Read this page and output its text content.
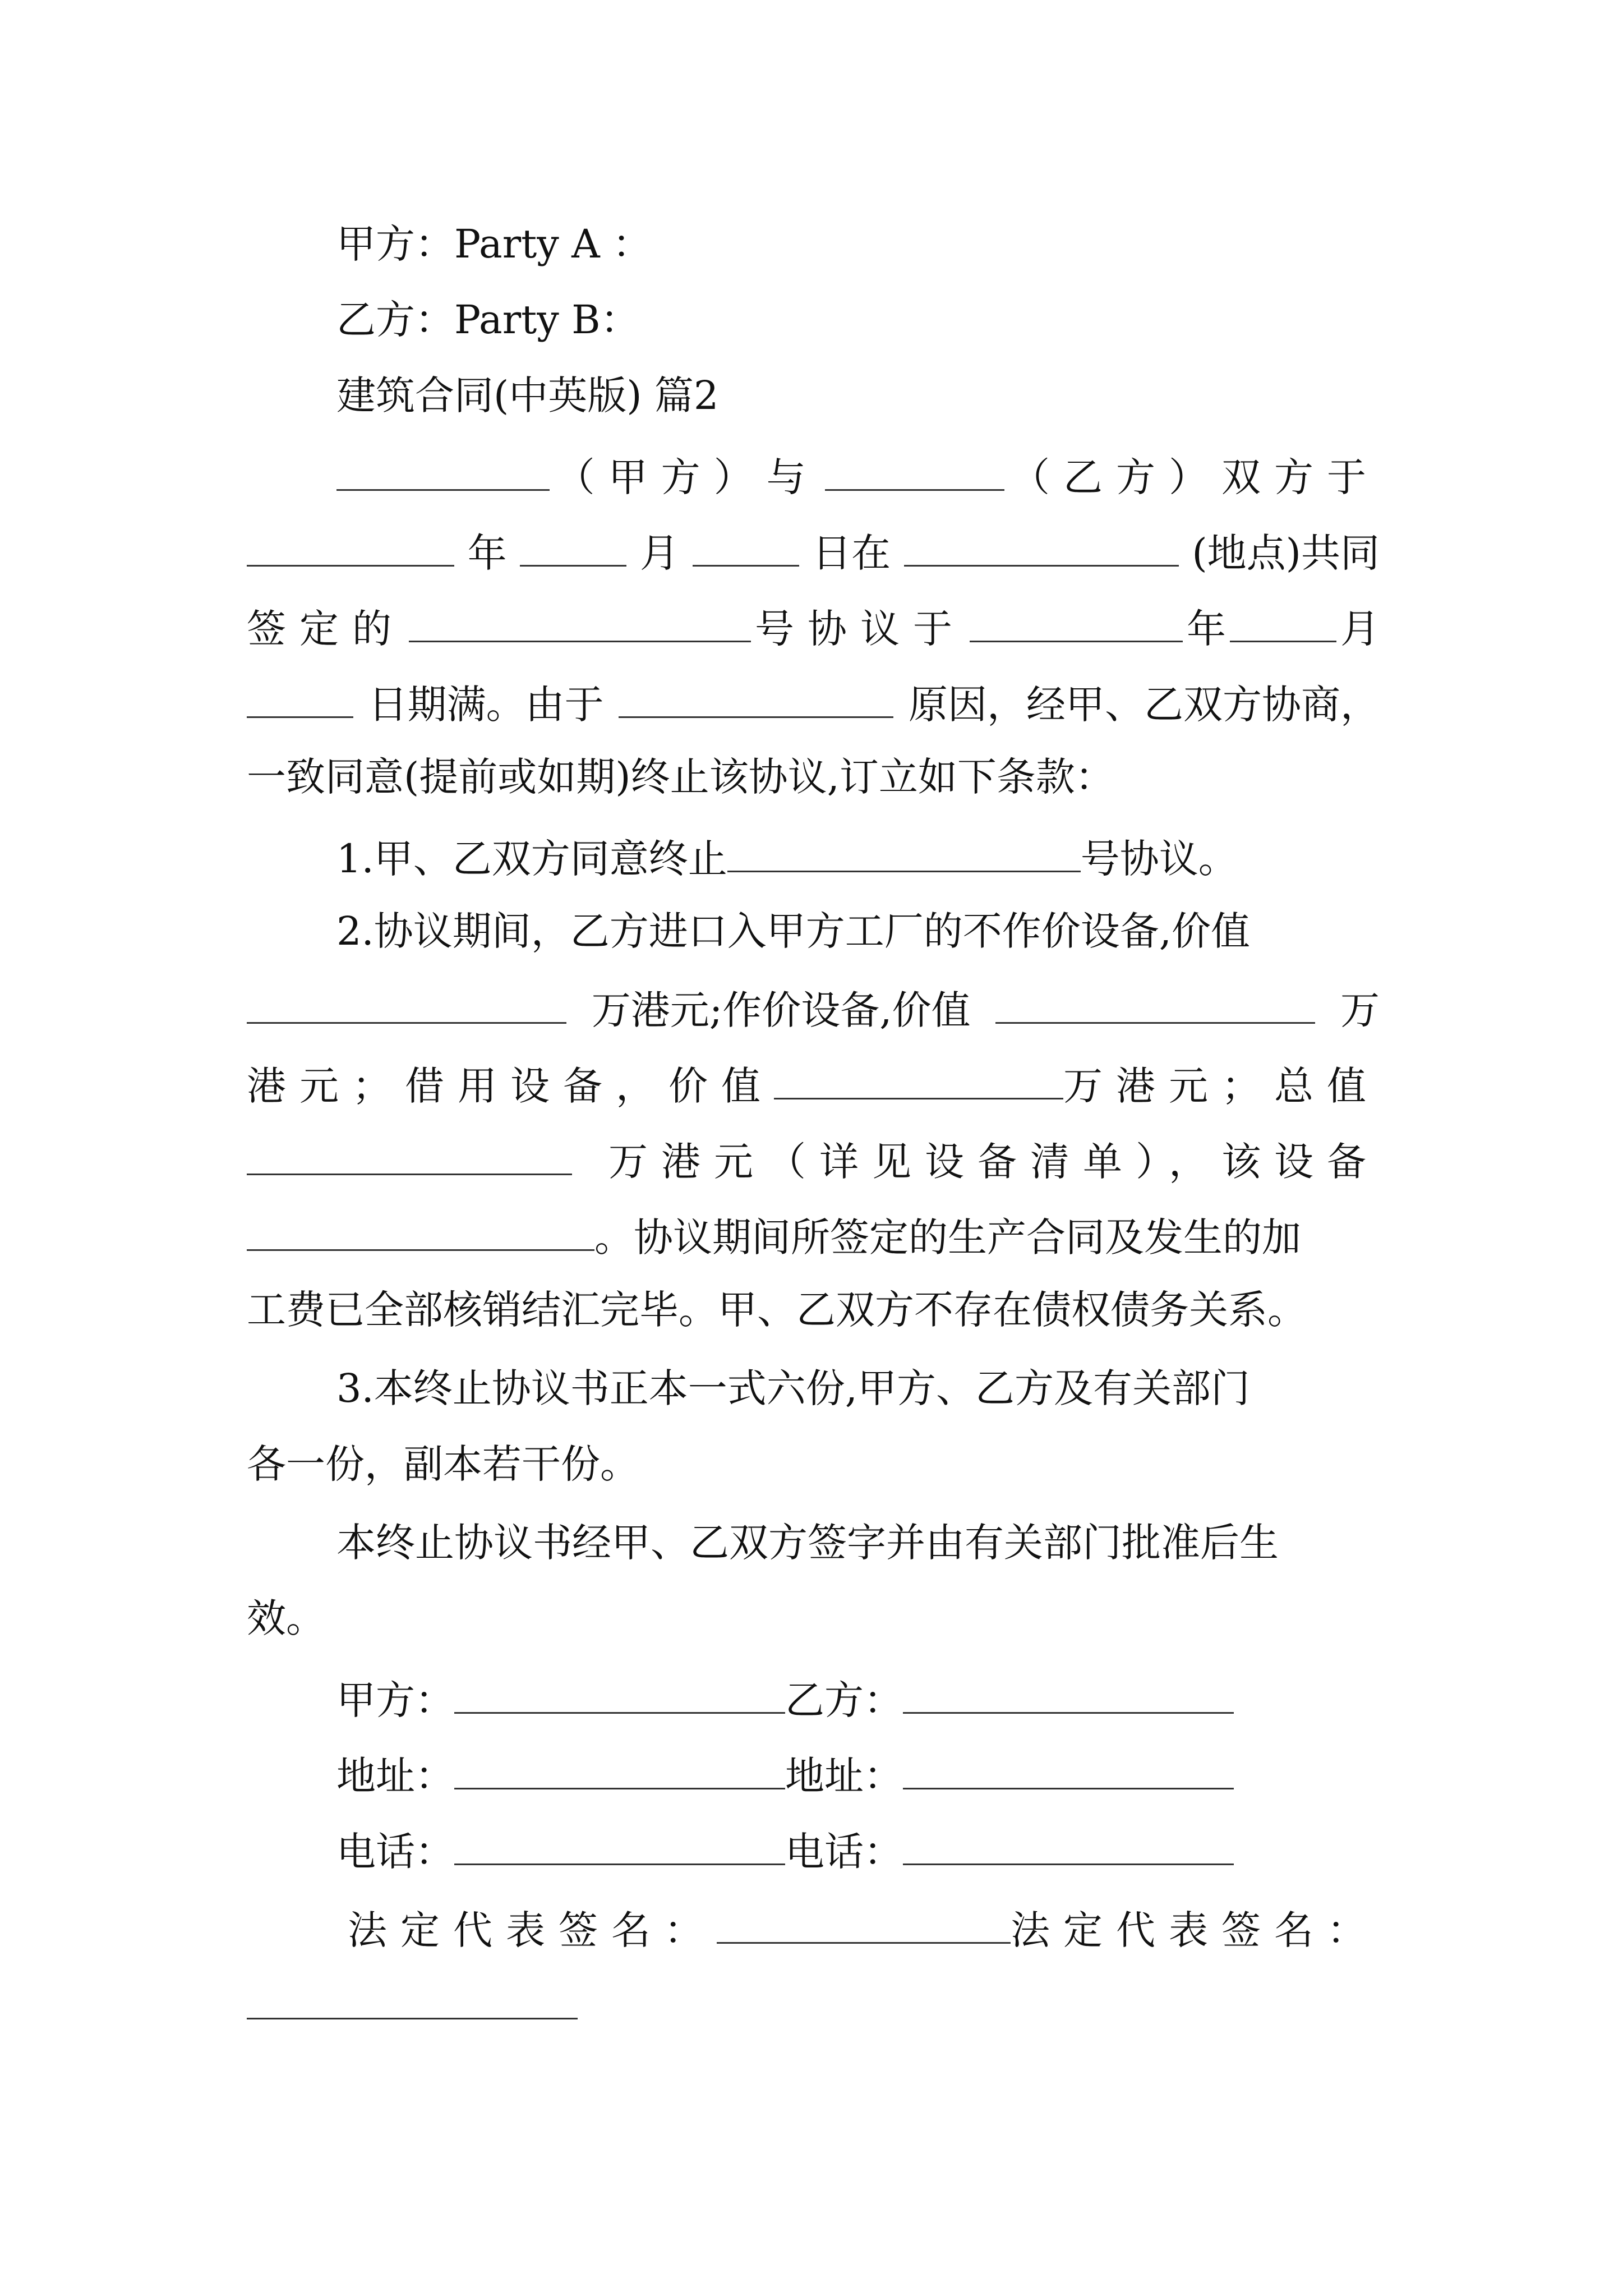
甲方：Party A ：
乙方：Party B：
建筑合同(中英版) 篇2
（甲方）与	（乙方）双方于
年	月	日在	(地点)共同
签定的	号协议于	年	月
日期满。由于	原因，经甲、乙双方协商，
一致同意(提前或如期)终止该协议,订立如下条款：
1.甲、乙双方同意终止	号协议。
2.协议期间，乙方进口入甲方工厂的不作价设备,价值
万港元;作价设备,价值	万
港元；借用设备，价值	万港元；总值
万港元（详见设备清单），该设备
。协议期间所签定的生产合同及发生的加
工费已全部核销结汇完毕。甲、乙双方不存在债权债务关系。
3.本终止协议书正本一式六份,甲方、乙方及有关部门
各一份，副本若干份。
本终止协议书经甲、乙双方签字并由有关部门批准后生
效。
甲方：	乙方：
地址：	地址：
电话：	电话：
法定代表签名：	法定代表签名：
